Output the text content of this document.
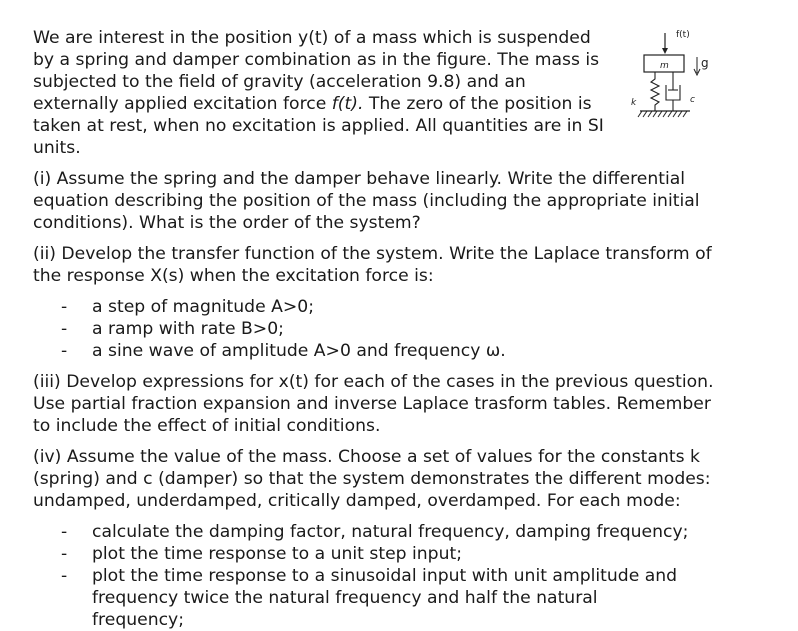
We are interest in the position y(t) of a mass which is suspended by a spring and damper combination as in the figure. The mass is subjected to the field of gravity (acceleration 9.8) and an externally applied excitation force f(t). The zero of the position is taken at rest, when no excitation is applied. All quantities are in SI units.

(i) Assume the spring and the damper behave linearly. Write the differential equation describing the position of the mass (including the appropriate initial conditions). What is the order of the system?

(ii) Develop the transfer function of the system. Write the Laplace transform of the response X(s) when the excitation force is:

- a step of magnitude A>0;
- a ramp with rate B>0;
- a sine wave of amplitude A>0 and frequency ω.

(iii) Develop expressions for x(t) for each of the cases in the previous question. Use partial fraction expansion and inverse Laplace trasform tables. Remember to include the effect of initial conditions.

(iv) Assume the value of the mass. Choose a set of values for the constants k (spring) and c (damper) so that the system demonstrates the different modes: undamped, underdamped, critically damped, overdamped. For each mode:

- calculate the damping factor, natural frequency, damping frequency;
- plot the time response to a unit step input;
- plot the time response to a sinusoidal input with unit amplitude and frequency twice the natural frequency and half the natural frequency;
f(t)
m	g
k	c
